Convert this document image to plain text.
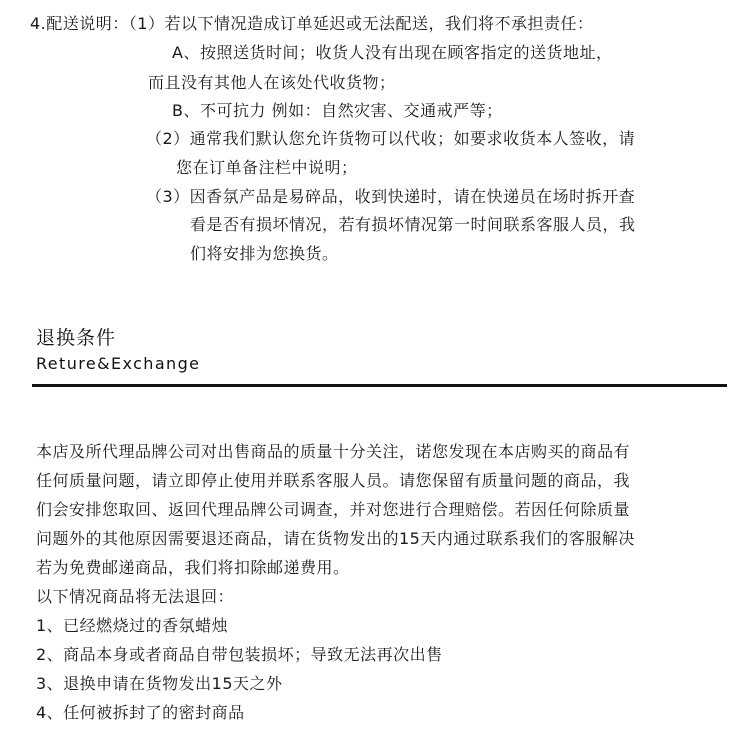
4.配送说明：（1）若以下情况造成订单延迟或无法配送，我们将不承担责任：
A、按照送货时间；收货人没有出现在顾客指定的送货地址，
而且没有其他人在该处代收货物；
B、不可抗力 例如：自然灾害、交通戒严等；
（2）通常我们默认您允许货物可以代收；如要求收货本人签收，请
您在订单备注栏中说明；
（3）因香氛产品是易碎品，收到快递时，请在快递员在场时拆开查
看是否有损坏情况，若有损坏情况第一时间联系客服人员，我
们将安排为您换货。
退换条件
Reture&Exchange
本店及所代理品牌公司对出售商品的质量十分关注，诺您发现在本店购买的商品有
任何质量问题，请立即停止使用并联系客服人员。请您保留有质量问题的商品，我
们会安排您取回、返回代理品牌公司调查，并对您进行合理赔偿。若因任何除质量
问题外的其他原因需要退还商品，请在货物发出的15天内通过联系我们的客服解决
若为免费邮递商品，我们将扣除邮递费用。
以下情况商品将无法退回：
1、已经燃烧过的香氛蜡烛
2、商品本身或者商品自带包装损坏；导致无法再次出售
3、退换申请在货物发出15天之外
4、任何被拆封了的密封商品
